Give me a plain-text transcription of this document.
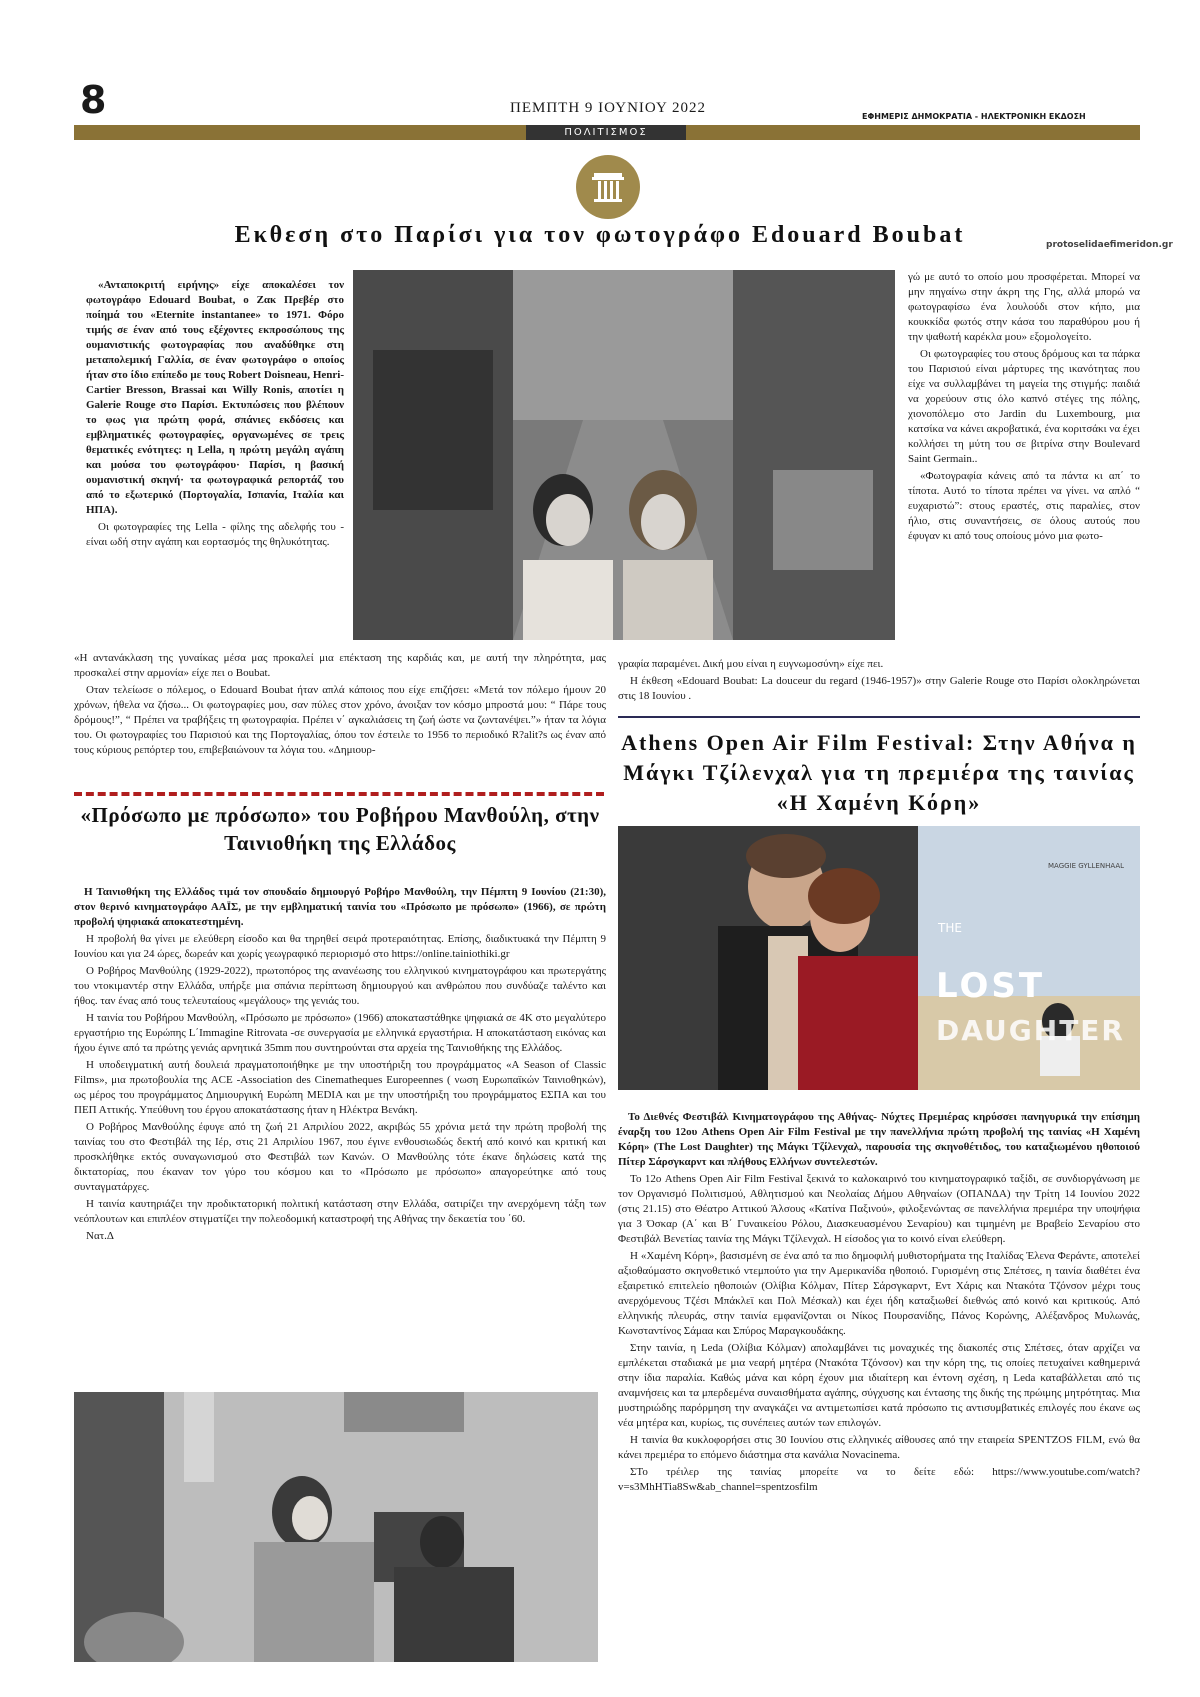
8	ΠΕΜΠΤΗ 9 ΙΟΥΝΙΟΥ 2022
ΕΦΗΜΕΡΙΣ ΔΗΜΟΚΡΑΤΙΑ - ΗΛΕΚΤΡΟΝΙΚΗ ΕΚΔΟΣΗ
ΠΟΛΙΤΙΣΜΟΣ
Εκθεση στο Παρίσι για τον φωτογράφο Edouard Boubat	protoselidaefimeridon.gr

«Ανταποκριτή ειρήνης» είχε αποκαλέσει τον φωτογράφο Edouard Boubat, ο Ζακ Πρεβέρ στο ποίημά του «Eternite instantanee» το 1971. Φόρο τιμής σε έναν από τους εξέχοντες εκπροσώπους της ουμανιστικής φωτογραφίας που αναδύθηκε στη μεταπολεμική Γαλλία, σε έναν φωτογράφο ο οποίος ήταν στο ίδιο επίπεδο με τους Robert Doisneau, Henri-Cartier Bresson, Brassai και Willy Ronis, αποτίει η Galerie Rouge στο Παρίσι. Εκτυπώσεις που βλέπουν το φως για πρώτη φορά, σπάνιες εκδόσεις και εμβληματικές φωτογραφίες, οργανωμένες σε τρεις θεματικές ενότητες: η Lella, η πρώτη μεγάλη αγάπη και μούσα του φωτογράφου· Παρίσι, η βασική ουμανιστική σκηνή· τα φωτογραφικά ρεπορτάζ του από το εξωτερικό (Πορτογαλία, Ισπανία, Ιταλία και ΗΠΑ).

Οι φωτογραφίες της Lella - φίλης της αδελφής του - είναι ωδή στην αγάπη και εορτασμός της θηλυκότητας.

γώ με αυτό το οποίο μου προσφέρεται. Μπορεί να μην πηγαίνω στην άκρη της Γης, αλλά μπορώ να φωτογραφίσω ένα λουλούδι στον κήπο, μια κουκκίδα φωτός στην κάσα του παραθύρου μου ή την ψαθωτή καρέκλα μου» εξομολογείτο.

Οι φωτογραφίες του στους δρόμους και τα πάρκα του Παρισιού είναι μάρτυρες της ικανότητας που είχε να συλλαμβάνει τη μαγεία της στιγμής: παιδιά να χορεύουν στις όλο καπνό στέγες της πόλης, χιονοπόλεμο στο Jardin du Luxembourg, μια κατσίκα να κάνει ακροβατικά, ένα κοριτσάκι να έχει κολλήσει τη μύτη του σε βιτρίνα στην Boulevard Saint Germain..

«Φωτογραφία κάνεις από τα πάντα κι απ΄ το τίποτα. Αυτό το τίποτα πρέπει να γίνει. να απλό “ ευχαριστώ”: στους εραστές, στις παραλίες, στον ήλιο, στις συναντήσεις, σε όλους αυτούς που έφυγαν κι από τους οποίους μόνο μια φωτο-

«Η αντανάκλαση της γυναίκας μέσα μας προκαλεί μια επέκταση της καρδιάς και, με αυτή την πληρότητα, μας προσκαλεί στην αρμονία» είχε πει ο Boubat.

Οταν τελείωσε ο πόλεμος, ο Edouard Boubat ήταν απλά κάποιος που είχε επιζήσει: «Μετά τον πόλεμο ήμουν 20 χρόνων, ήθελα να ζήσω... Οι φωτογραφίες μου, σαν πύλες στον χρόνο, άνοιξαν τον κόσμο μπροστά μου: “ Πάρε τους δρόμους!”, “ Πρέπει να τραβήξεις τη φωτογραφία. Πρέπει ν΄ αγκαλιάσεις τη ζωή ώστε να ζωντανέψει.”» ήταν τα λόγια του. Οι φωτογραφίες του Παρισιού και της Πορτογαλίας, όπου τον έστειλε το 1956 το περιοδικό R?alit?s ως έναν από τους κύριους ρεπόρτερ του, επιβεβαιώνουν τα λόγια του. «Δημιουρ-

γραφία παραμένει. Δική μου είναι η ευγνωμοσύνη» είχε πει.

Η έκθεση «Edouard Boubat: La douceur du regard (1946-1957)» στην Galerie Rouge στο Παρίσι ολοκληρώνεται στις 18 Ιουνίου .

«Πρόσωπο με πρόσωπο» του Ροβήρου Μανθούλη, στην Ταινιοθήκη της Ελλάδος

Η Ταινιοθήκη της Ελλάδος τιμά τον σπουδαίο δημιουργό Ροβήρο Μανθούλη, την Πέμπτη 9 Ιουνίου (21:30), στον θερινό κινηματογράφο ΑΑΪΣ, με την εμβληματική ταινία του «Πρόσωπο με πρόσωπο» (1966), σε πρώτη προβολή ψηφιακά αποκατεστημένη.

Η προβολή θα γίνει με ελεύθερη είσοδο και θα τηρηθεί σειρά προτεραιότητας. Επίσης, διαδικτυακά την Πέμπτη 9 Ιουνίου και για 24 ώρες, δωρεάν και χωρίς γεωγραφικό περιορισμό στο https://online.tainiothiki.gr

Ο Ροβήρος Μανθούλης (1929-2022), πρωτοπόρος της ανανέωσης του ελληνικού κινηματογράφου και πρωτεργάτης του ντοκιμαντέρ στην Ελλάδα, υπήρξε μια σπάνια περίπτωση δημιουργού και ανθρώπου που συνδύαζε ταλέντο και ήθος. ταν ένας από τους τελευταίους «μεγάλους» της γενιάς του.

Η ταινία του Ροβήρου Μανθούλη, «Πρόσωπο με πρόσωπο» (1966) αποκαταστάθηκε ψηφιακά σε 4Κ στο μεγαλύτερο εργαστήριο της Ευρώπης L΄Immagine Ritrovata -σε συνεργασία με ελληνικά εργαστήρια. Η αποκατάσταση εικόνας και ήχου έγινε από τα πρώτης γενιάς αρνητικά 35mm που συντηρούνται στα αρχεία της Ταινιοθήκης της Ελλάδος.

Η υποδειγματική αυτή δουλειά πραγματοποιήθηκε με την υποστήριξη του προγράμματος «A Season of Classic Films», μια πρωτοβουλία της ACE -Association des Cinematheques Europeennes ( νωση Ευρωπαϊκών Ταινιοθηκών), ως μέρος του προγράμματος Δημιουργική Ευρώπη MEDIA και με την υποστήριξη του προγράμματος ΕΣΠΑ και του ΠΕΠ Αττικής. Υπεύθυνη του έργου αποκατάστασης ήταν η Ηλέκτρα Βενάκη.

Ο Ροβήρος Μανθούλης έφυγε από τη ζωή 21 Απριλίου 2022, ακριβώς 55 χρόνια μετά την πρώτη προβολή της ταινίας του στο Φεστιβάλ της Ιέρ, στις 21 Απριλίου 1967, που έγινε ενθουσιωδώς δεκτή από κοινό και κριτική και προσκλήθηκε εκτός συναγωνισμού στο Φεστιβάλ των Κανών. Ο Μανθούλης τότε έκανε δηλώσεις κατά της δικτατορίας, που έκαναν τον γύρο του κόσμου και το «Πρόσωπο με πρόσωπο» απαγορεύτηκε από τους συνταγματάρχες.

Η ταινία καυτηριάζει την προδικτατορική πολιτική κατάσταση στην Ελλάδα, σατιρίζει την ανερχόμενη τάξη των νεόπλουτων και επιπλέον στιγματίζει την πολεοδομική καταστροφή της Αθήνας την δεκαετία του ΄60.

Νατ.Δ

Athens Open Air Film Festival: Στην Αθήνα η Μάγκι Τζίλενχαλ για τη πρεμιέρα της ταινίας «Η Χαμένη Κόρη»
THE
LOST
DAUGHTER
MAGGIE GYLLENHAAL

Το Διεθνές Φεστιβάλ Κινηματογράφου της Αθήνας- Νύχτες Πρεμιέρας κηρύσσει πανηγυρικά την επίσημη έναρξη του 12ου Athens Open Air Film Festival με την πανελλήνια πρώτη προβολή της ταινίας «Η Χαμένη Κόρη» (The Lost Daughter) της Μάγκι Τζίλενχαλ, παρουσία της σκηνοθέτιδος, του καταξιωμένου ηθοποιού Πίτερ Σάρσγκαρντ και πλήθους Ελλήνων συντελεστών.

Το 12ο Athens Open Air Film Festival ξεκινά το καλοκαιρινό του κινηματογραφικό ταξίδι, σε συνδιοργάνωση με τον Οργανισμό Πολιτισμού, Αθλητισμού και Νεολαίας Δήμου Αθηναίων (ΟΠΑΝΔΑ) την Τρίτη 14 Ιουνίου 2022 (στις 21.15) στο Θέατρο Αττικού Άλσους «Κατίνα Παξινού», φιλοξενώντας σε πανελλήνια πρεμιέρα την υποψήφια για 3 Όσκαρ (Α΄ και Β΄ Γυναικείου Ρόλου, Διασκευασμένου Σεναρίου) και τιμημένη με Βραβείο Σεναρίου στο Φεστιβάλ Βενετίας ταινία της Μάγκι Τζίλενχαλ. Η είσοδος για το κοινό είναι ελεύθερη.

Η «Χαμένη Κόρη», βασισμένη σε ένα από τα πιο δημοφιλή μυθιστορήματα της Ιταλίδας Έλενα Φεράντε, αποτελεί αξιοθαύμαστο σκηνοθετικό ντεμπούτο για την Αμερικανίδα ηθοποιό. Γυρισμένη στις Σπέτσες, η ταινία διαθέτει ένα εξαιρετικό επιτελείο ηθοποιών (Ολίβια Κόλμαν, Πίτερ Σάρσγκαρντ, Εντ Χάρις και Ντακότα Τζόνσον μέχρι τους ανερχόμενους Τζέσι Μπάκλεϊ και Πολ Μέσκαλ) και έχει ήδη καταξιωθεί διεθνώς από κοινό και κριτικούς. Από ελληνικής πλευράς, στην ταινία εμφανίζονται οι Νίκος Πουρσανίδης, Πάνος Κορώνης, Αλέξανδρος Μυλωνάς, Κωνσταντίνος Σάμαα και Σπύρος Μαραγκουδάκης.

Στην ταινία, η Leda (Ολίβια Κόλμαν) απολαμβάνει τις μοναχικές της διακοπές στις Σπέτσες, όταν αρχίζει να εμπλέκεται σταδιακά με μια νεαρή μητέρα (Ντακότα Τζόνσον) και την κόρη της, τις οποίες πετυχαίνει καθημερινά στην ίδια παραλία. Καθώς μάνα και κόρη έχουν μια ιδιαίτερη και έντονη σχέση, η Leda καταβάλλεται από τις αναμνήσεις και τα μπερδεμένα συναισθήματα αγάπης, σύγχυσης και έντασης της δικής της πρώιμης μητρότητας. Μια μυστηριώδης παρόρμηση την αναγκάζει να αντιμετωπίσει κατά πρόσωπο τις αντισυμβατικές επιλογές που έκανε ως νέα μητέρα και, κυρίως, τις συνέπειες αυτών των επιλογών.

Η ταινία θα κυκλοφορήσει στις 30 Ιουνίου στις ελληνικές αίθουσες από την εταιρεία SPENTZOS FILM, ενώ θα κάνει πρεμιέρα το επόμενο διάστημα στα κανάλια Novacinema.

ΣΤο τρέιλερ της ταινίας μπορείτε να το δείτε εδώ: https://www.youtube.com/watch?v=s3MhHTia8Sw&ab_channel=spentzosfilm
